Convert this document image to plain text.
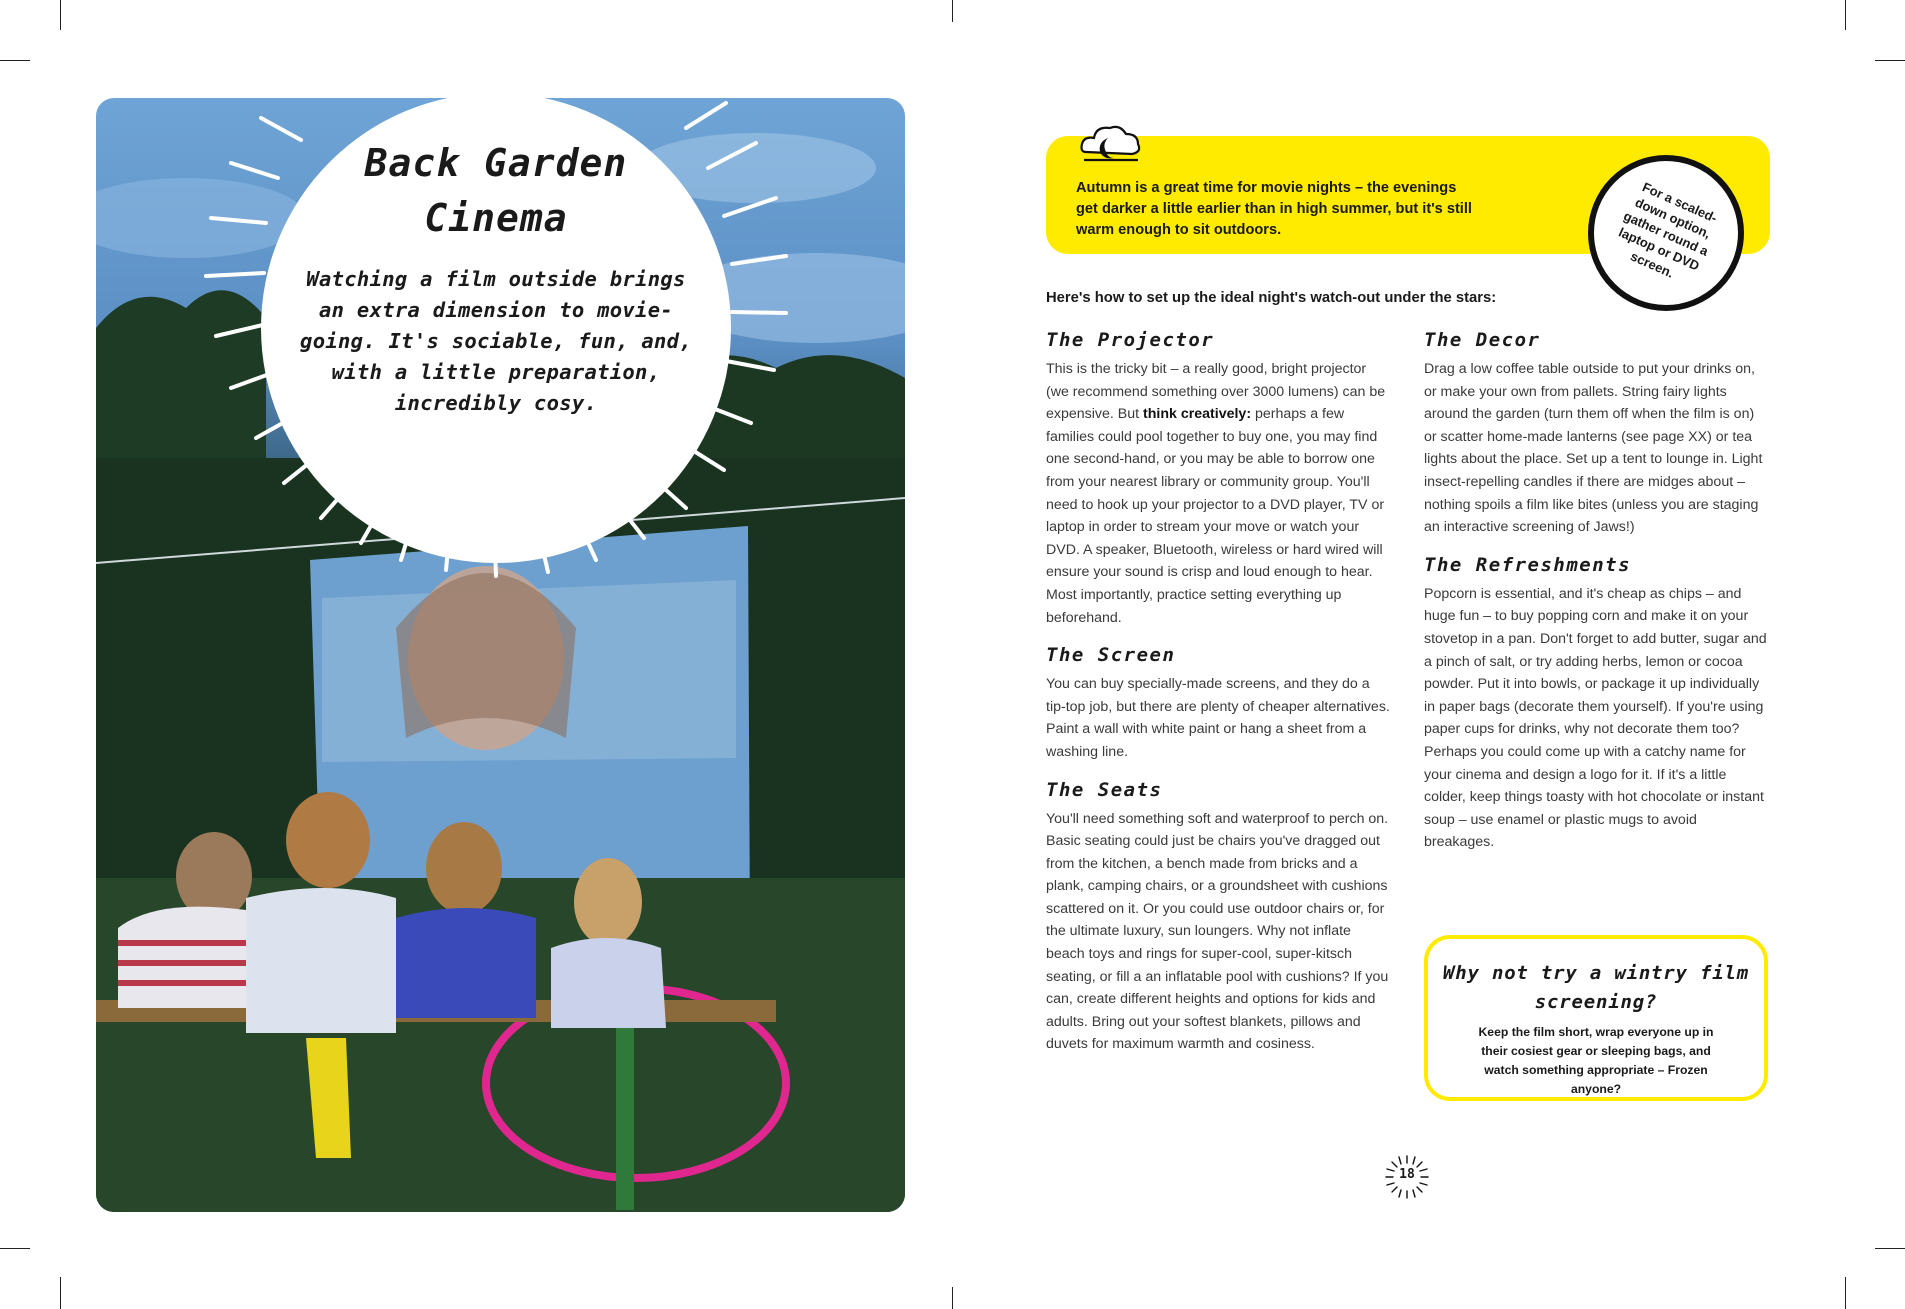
Back Garden Cinema

Watching a film outside brings an extra dimension to movie-going. It's sociable, fun, and, with a little preparation, incredibly cosy.

Autumn is a great time for movie nights – the evenings get darker a little earlier than in high summer, but it's still warm enough to sit outdoors.
For a scaled-down option, gather round a laptop or DVD screen.
Here's how to set up the ideal night's watch-out under the stars:
The Projector

This is the tricky bit – a really good, bright projector (we recommend something over 3000 lumens) can be expensive. But think creatively: perhaps a few families could pool together to buy one, you may find one second-hand, or you may be able to borrow one from your nearest library or community group. You'll need to hook up your projector to a DVD player, TV or laptop in order to stream your move or watch your DVD. A speaker, Bluetooth, wireless or hard wired will ensure your sound is crisp and loud enough to hear. Most importantly, practice setting everything up beforehand.

The Screen

You can buy specially-made screens, and they do a tip-top job, but there are plenty of cheaper alternatives. Paint a wall with white paint or hang a sheet from a washing line.

The Seats

You'll need something soft and waterproof to perch on. Basic seating could just be chairs you've dragged out from the kitchen, a bench made from bricks and a plank, camping chairs, or a groundsheet with cushions scattered on it. Or you could use outdoor chairs or, for the ultimate luxury, sun loungers. Why not inflate beach toys and rings for super-cool, super-kitsch seating, or fill a an inflatable pool with cushions? If you can, create different heights and options for kids and adults. Bring out your softest blankets, pillows and duvets for maximum warmth and cosiness.

The Decor

Drag a low coffee table outside to put your drinks on, or make your own from pallets. String fairy lights around the garden (turn them off when the film is on) or scatter home-made lanterns (see page XX) or tea lights about the place. Set up a tent to lounge in. Light insect-repelling candles if there are midges about – nothing spoils a film like bites (unless you are staging an interactive screening of Jaws!)

The Refreshments

Popcorn is essential, and it's cheap as chips – and huge fun – to buy popping corn and make it on your stovetop in a pan. Don't forget to add butter, sugar and a pinch of salt, or try adding herbs, lemon or cocoa powder. Put it into bowls, or package it up individually in paper bags (decorate them yourself). If you're using paper cups for drinks, why not decorate them too? Perhaps you could come up with a catchy name for your cinema and design a logo for it. If it's a little colder, keep things toasty with hot chocolate or instant soup – use enamel or plastic mugs to avoid breakages.

Why not try a wintry film screening?

Keep the film short, wrap everyone up in their cosiest gear or sleeping bags, and watch something appropriate – Frozen anyone?

18
